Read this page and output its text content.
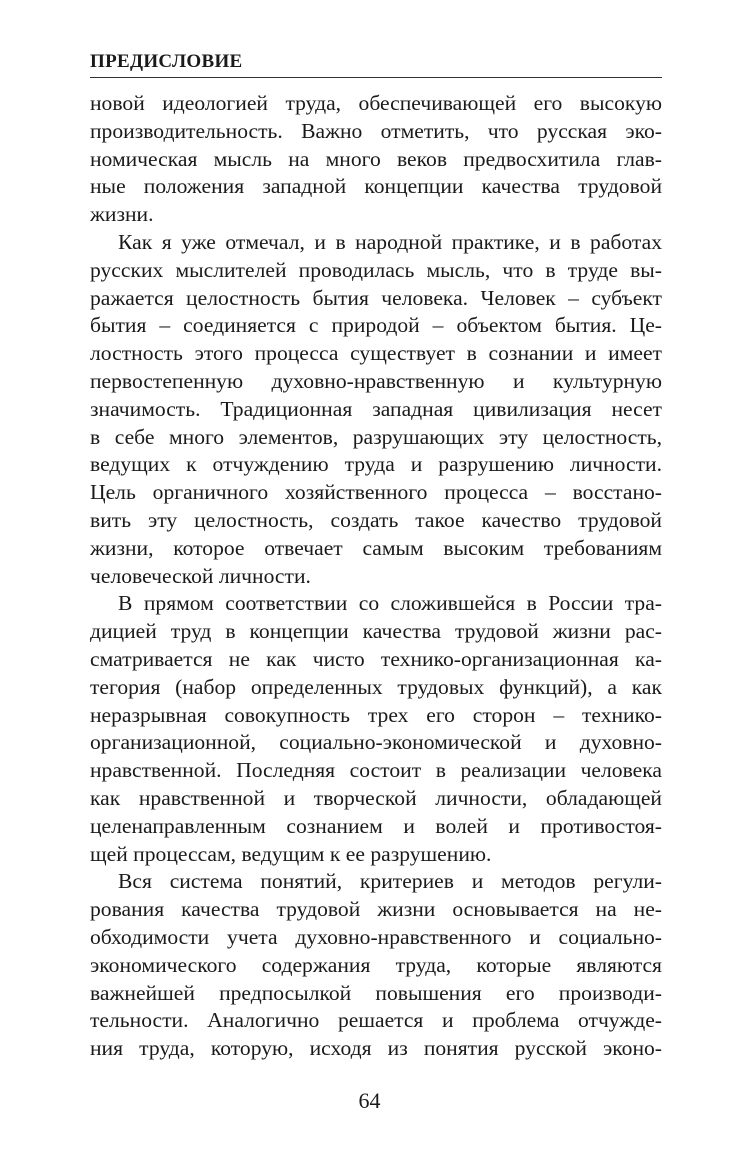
ПРЕДИСЛОВИЕ
новой идеологией труда, обеспечивающей его высокую
производительность. Важно отметить, что русская эко-
номическая мысль на много веков предвосхитила глав-
ные положения западной концепции качества трудовой
жизни.
Как я уже отмечал, и в народной практике, и в работах
русских мыслителей проводилась мысль, что в труде вы-
ражается целостность бытия человека. Человек – субъект
бытия – соединяется с природой – объектом бытия. Це-
лостность этого процесса существует в сознании и имеет
первостепенную духовно-нравственную и культурную
значимость. Традиционная западная цивилизация несет
в себе много элементов, разрушающих эту целостность,
ведущих к отчуждению труда и разрушению личности.
Цель органичного хозяйственного процесса – восстано-
вить эту целостность, создать такое качество трудовой
жизни, которое отвечает самым высоким требованиям
человеческой личности.
В прямом соответствии со сложившейся в России тра-
дицией труд в концепции качества трудовой жизни рас-
сматривается не как чисто технико-организационная ка-
тегория (набор определенных трудовых функций), а как
неразрывная совокупность трех его сторон – технико-
организационной, социально-экономической и духовно-
нравственной. Последняя состоит в реализации человека
как нравственной и творческой личности, обладающей
целенаправленным сознанием и волей и противостоя-
щей процессам, ведущим к ее разрушению.
Вся система понятий, критериев и методов регули-
рования качества трудовой жизни основывается на не-
обходимости учета духовно-нравственного и социально-
экономического содержания труда, которые являются
важнейшей предпосылкой повышения его производи-
тельности. Аналогично решается и проблема отчужде-
ния труда, которую, исходя из понятия русской эконо-
64
